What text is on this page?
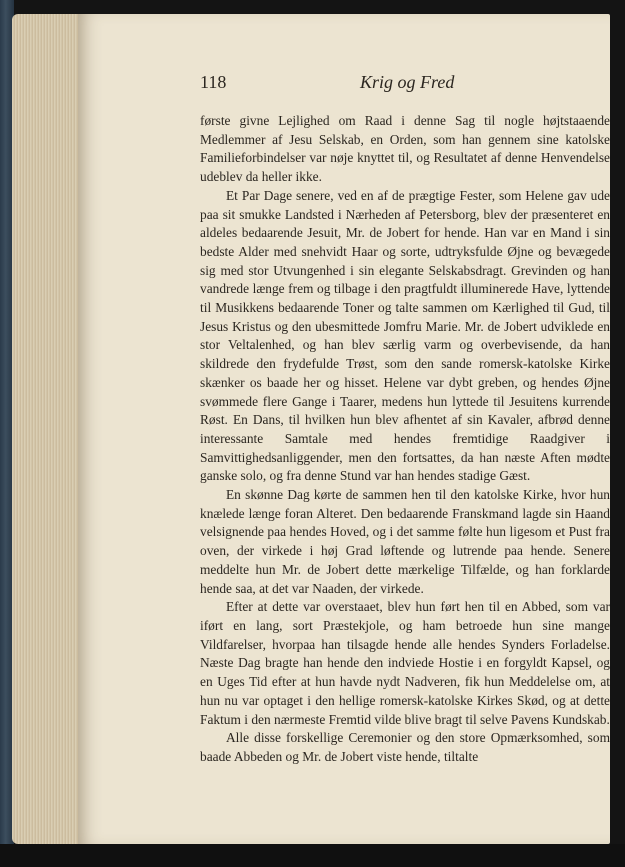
118	Krig og Fred

første givne Lejlighed om Raad i denne Sag til nogle højtstaaende Medlemmer af Jesu Selskab, en Orden, som han gennem sine katolske Familieforbindelser var nøje knyttet til, og Resultatet af denne Henvendelse udeblev da heller ikke.

Et Par Dage senere, ved en af de prægtige Fester, som Helene gav ude paa sit smukke Landsted i Nærheden af Petersborg, blev der præsenteret en aldeles bedaarende Jesuit, Mr. de Jobert for hende. Han var en Mand i sin bedste Alder med snehvidt Haar og sorte, udtryksfulde Øjne og bevægede sig med stor Utvungenhed i sin elegante Selskabsdragt. Grevinden og han vandrede længe frem og tilbage i den pragtfuldt illuminerede Have, lyttende til Musikkens bedaarende Toner og talte sammen om Kærlighed til Gud, til Jesus Kristus og den ubesmittede Jomfru Marie. Mr. de Jobert udviklede en stor Veltalenhed, og han blev særlig varm og overbevisende, da han skildrede den frydefulde Trøst, som den sande romersk-katolske Kirke skænker os baade her og hisset. Helene var dybt greben, og hendes Øjne svømmede flere Gange i Taarer, medens hun lyttede til Jesuitens kurrende Røst. En Dans, til hvilken hun blev afhentet af sin Kavaler, afbrød denne interessante Samtale med hendes fremtidige Raadgiver i Samvittighedsanliggender, men den fortsattes, da han næste Aften mødte ganske solo, og fra denne Stund var han hendes stadige Gæst.

En skønne Dag kørte de sammen hen til den katolske Kirke, hvor hun knælede længe foran Alteret. Den bedaarende Franskmand lagde sin Haand velsignende paa hendes Hoved, og i det samme følte hun ligesom et Pust fra oven, der virkede i høj Grad løftende og lutrende paa hende. Senere meddelte hun Mr. de Jobert dette mærkelige Tilfælde, og han forklarde hende saa, at det var Naaden, der virkede.

Efter at dette var overstaaet, blev hun ført hen til en Abbed, som var iført en lang, sort Præstekjole, og ham betroede hun sine mange Vildfarelser, hvorpaa han tilsagde hende alle hendes Synders Forladelse. Næste Dag bragte han hende den indviede Hostie i en forgyldt Kapsel, og en Uges Tid efter at hun havde nydt Nadveren, fik hun Meddelelse om, at hun nu var optaget i den hellige romersk-katolske Kirkes Skød, og at dette Faktum i den nærmeste Fremtid vilde blive bragt til selve Pavens Kundskab.

Alle disse forskellige Ceremonier og den store Opmærksomhed, som baade Abbeden og Mr. de Jobert viste hende, tiltalte
